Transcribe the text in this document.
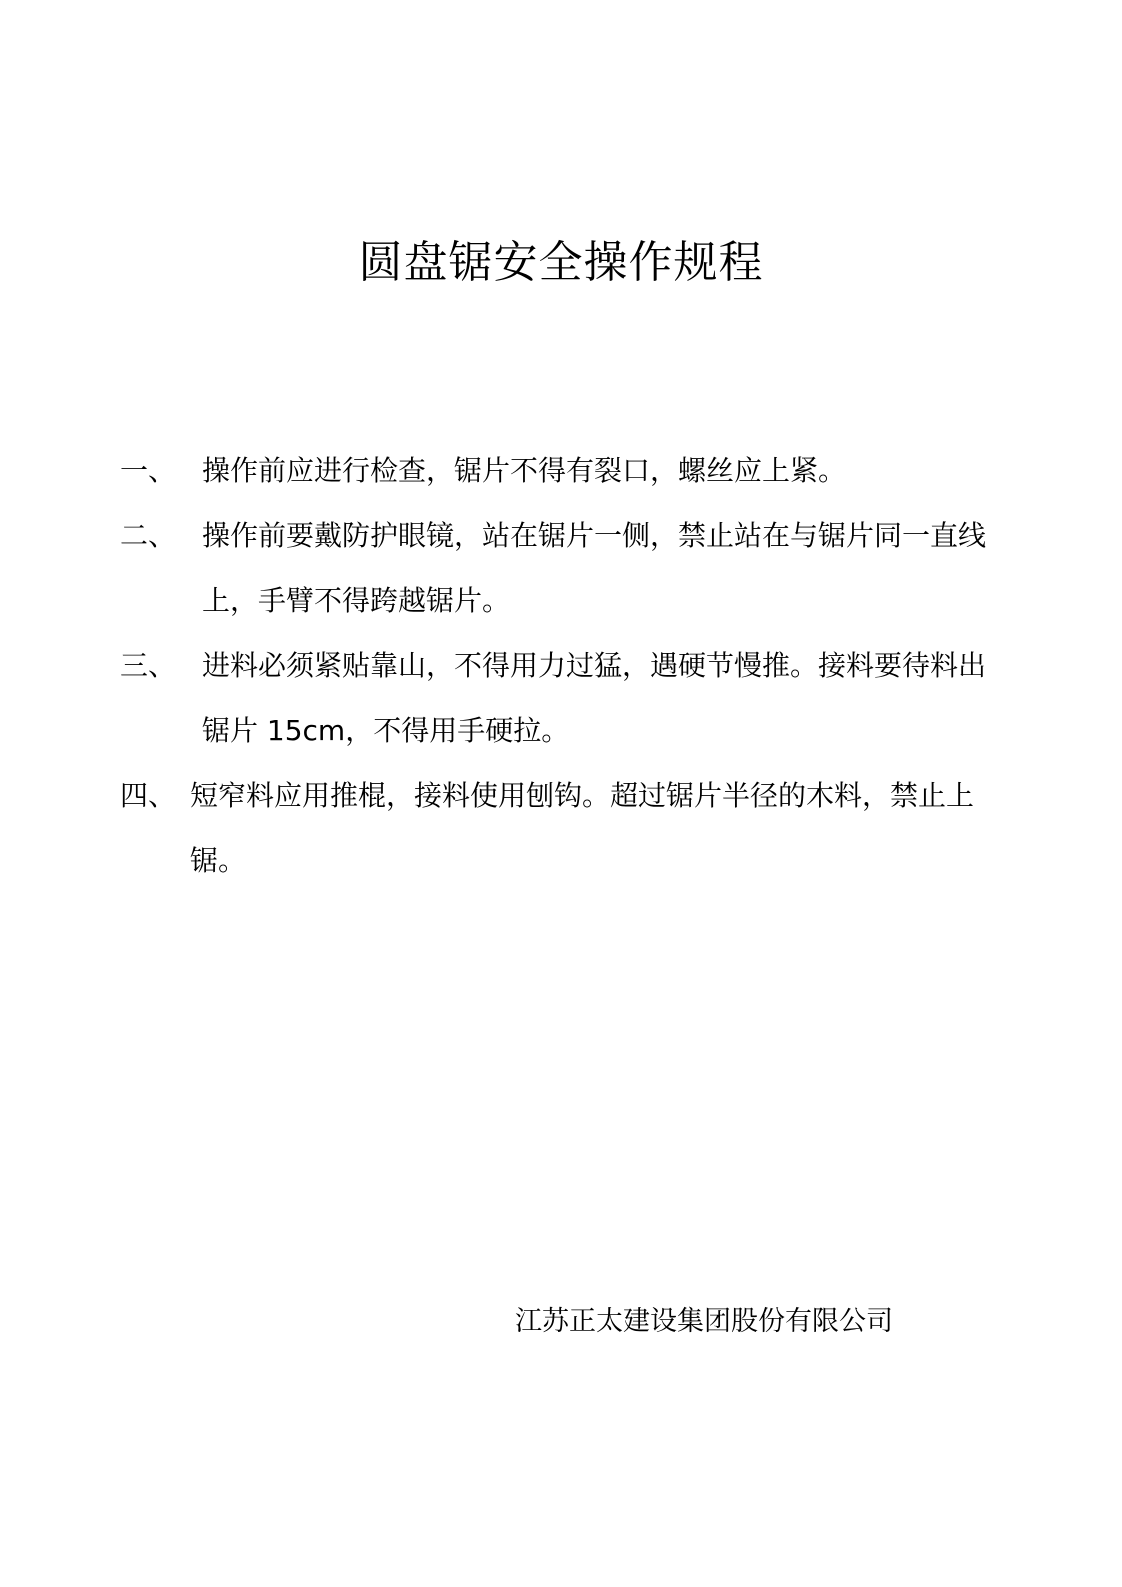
圆盘锯安全操作规程
一、 操作前应进行检查，锯片不得有裂口，螺丝应上紧。
二、 操作前要戴防护眼镜，站在锯片一侧，禁止站在与锯片同一直线上，手臂不得跨越锯片。
三、 进料必须紧贴靠山，不得用力过猛，遇硬节慢推。接料要待料出锯片 15cm，不得用手硬拉。
四、 短窄料应用推棍，接料使用刨钩。超过锯片半径的木料，禁止上锯。
江苏正太建设集团股份有限公司
